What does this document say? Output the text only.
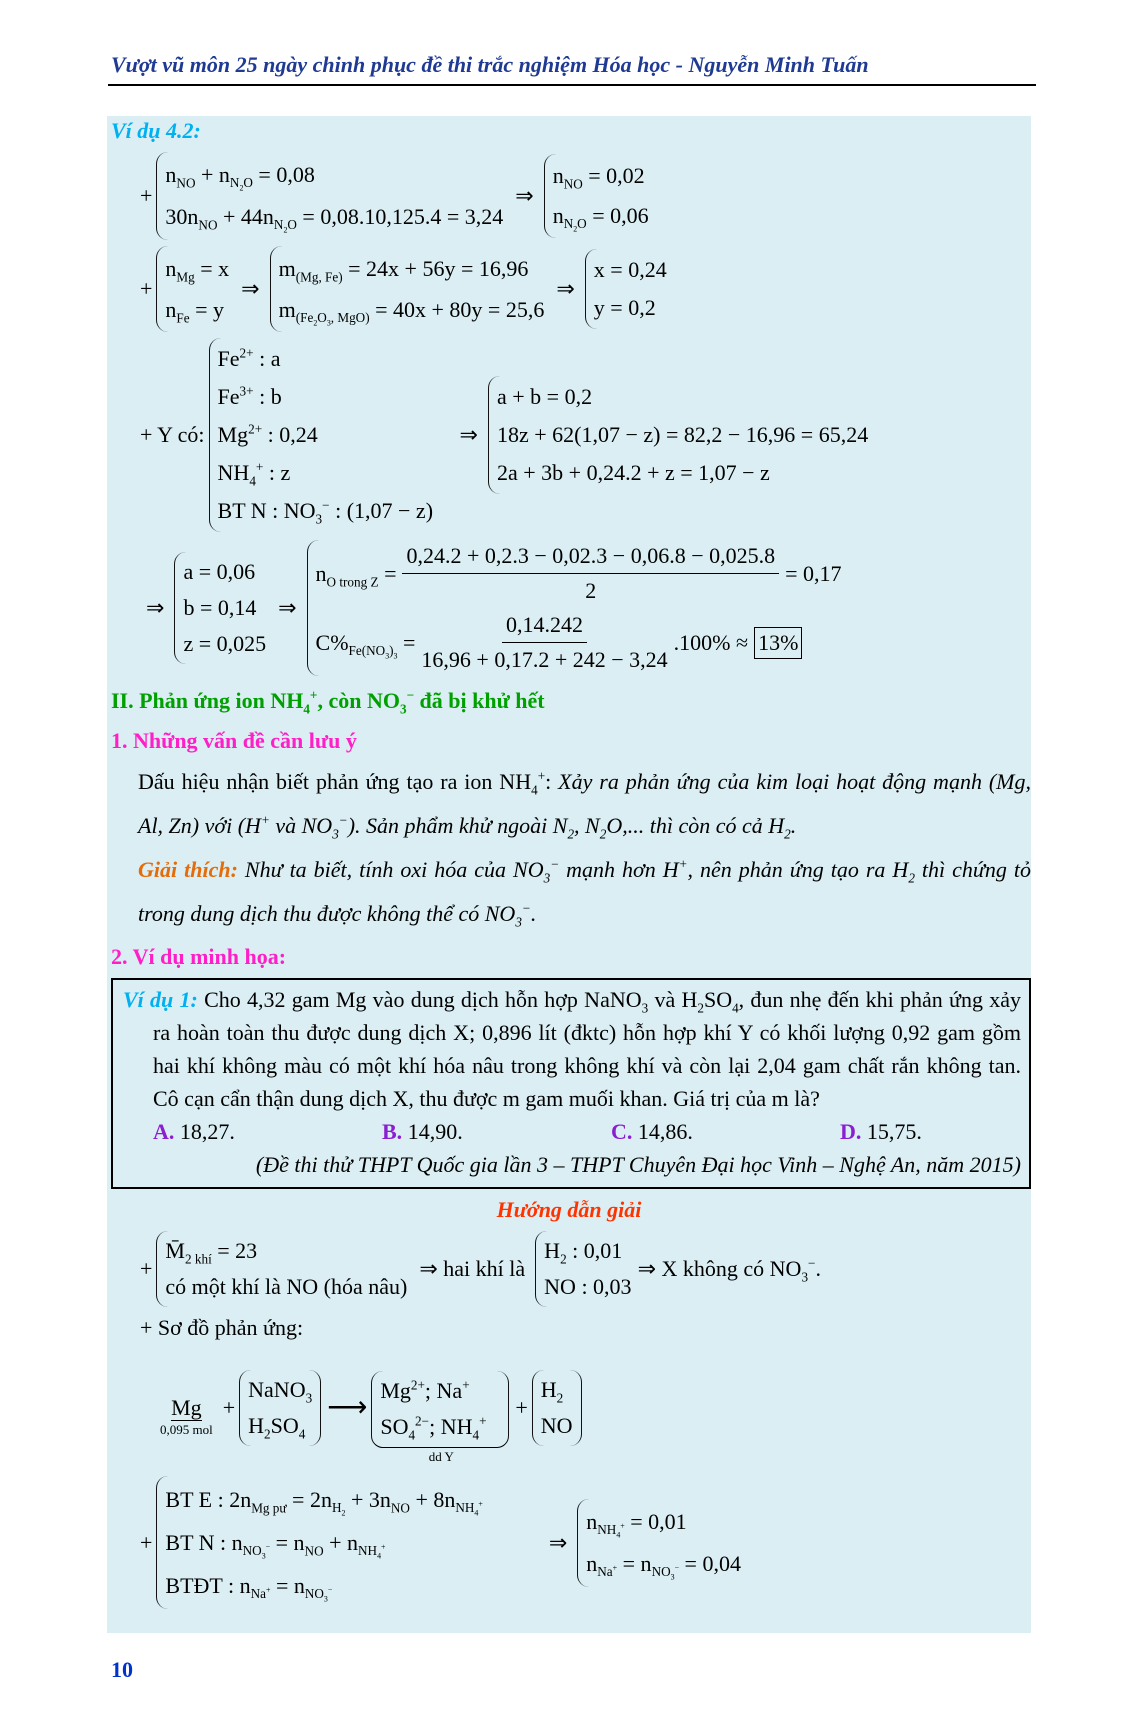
Vượt vũ môn 25 ngày chinh phục đề thi trắc nghiệm Hóa học - Nguyễn Minh Tuấn
Ví dụ 4.2:
+
$n_{NO} + n_{N_2O} = 0,08$
$30n_{NO} + 44n_{N_2O} = 0,08.10,125.4 = 3,24$
⇒
$n_{NO} = 0,02$
$n_{N_2O} = 0,06$
+
$n_{Mg} = x$
$n_{Fe} = y$
⇒
$m_{(Mg, Fe)} = 24x + 56y = 16,96$
$m_{(Fe_2O_3, MgO)} = 40x + 80y = 25,6$
⇒
x = 0,24
y = 0,2
+ Y có:
$Fe^{2+}$ : a
$Fe^{3+}$ : b
$Mg^{2+}$ : 0,24
$NH_4^+$ : z
BT N : $NO_3^-$ : (1,07 − z)
⇒
a + b = 0,2
18z + 62(1,07 − z) = 82,2 − 16,96 = 65,24
2a + 3b + 0,24.2 + z = 1,07 − z
⇒
a = 0,06
b = 0,14
z = 0,025
⇒
$n_{O trong Z} = \frac{0,24.2 + 0,2.3 - 0,02.3 - 0,06.8 - 0,025.8}{2} = 0,17$
$C\%_{Fe(NO_3)_3} = \frac{0,14.242}{16,96 + 0,17.2 + 242 - 3,24} .100\% \approx 13\%$
II. Phản ứng ion $NH_4^+$, còn $NO_3^-$ đã bị khử hết
1. Những vấn đề cần lưu ý
Dấu hiệu nhận biết phản ứng tạo ra ion $NH_4^+$: Xảy ra phản ứng của kim loại hoạt động mạnh (Mg, Al, Zn) với (H+ và $NO_3^-$). Sản phẩm khử ngoài $N_2$, $N_2O$,... thì còn có cả $H_2$.
Giải thích: Như ta biết, tính oxi hóa của $NO_3^-$ mạnh hơn H+, nên phản ứng tạo ra $H_2$ thì chứng tỏ trong dung dịch thu được không thể có $NO_3^-$.
2. Ví dụ minh họa:
Ví dụ 1: Cho 4,32 gam Mg vào dung dịch hỗn hợp NaNO$_3$ và $H_2SO_4$, đun nhẹ đến khi phản ứng xảy ra hoàn toàn thu được dung dịch X; 0,896 lít (đktc) hỗn hợp khí Y có khối lượng 0,92 gam gồm hai khí không màu có một khí hóa nâu trong không khí và còn lại 2,04 gam chất rắn không tan. Cô cạn cẩn thận dung dịch X, thu được m gam muối khan. Giá trị của m là?
A. 18,27.	B. 14,90.	C. 14,86.	D. 15,75.
(Đề thi thử THPT Quốc gia lần 3 – THPT Chuyên Đại học Vinh – Nghệ An, năm 2015)
Hướng dẫn giải
+
$M̄_{2 khí} = 23$
có một khí là NO (hóa nâu)
⇒ hai khí là
$H_2$ : 0,01
NO : 0,03
⇒ X không có $NO_3^-$.
+ Sơ đồ phản ứng:
Mg
0,095 mol
+
NaNO$_3$
$H_2SO_4$
⟶
$Mg^{2+}$; Na+
$SO_4^{2-}$; $NH_4^+$
dd Y
+
$H_2$
NO
+
BT E : $2n_{Mg pư} = 2n_{H_2} + 3n_{NO} + 8n_{NH_4^+}$
BT N : $n_{NO_3^-} = n_{NO} + n_{NH_4^+}$
BTĐT : $n_{Na^+} = n_{NO_3^-}$
⇒
$n_{NH_4^+} = 0,01$
$n_{Na^+} = n_{NO_3^-} = 0,04$
10
